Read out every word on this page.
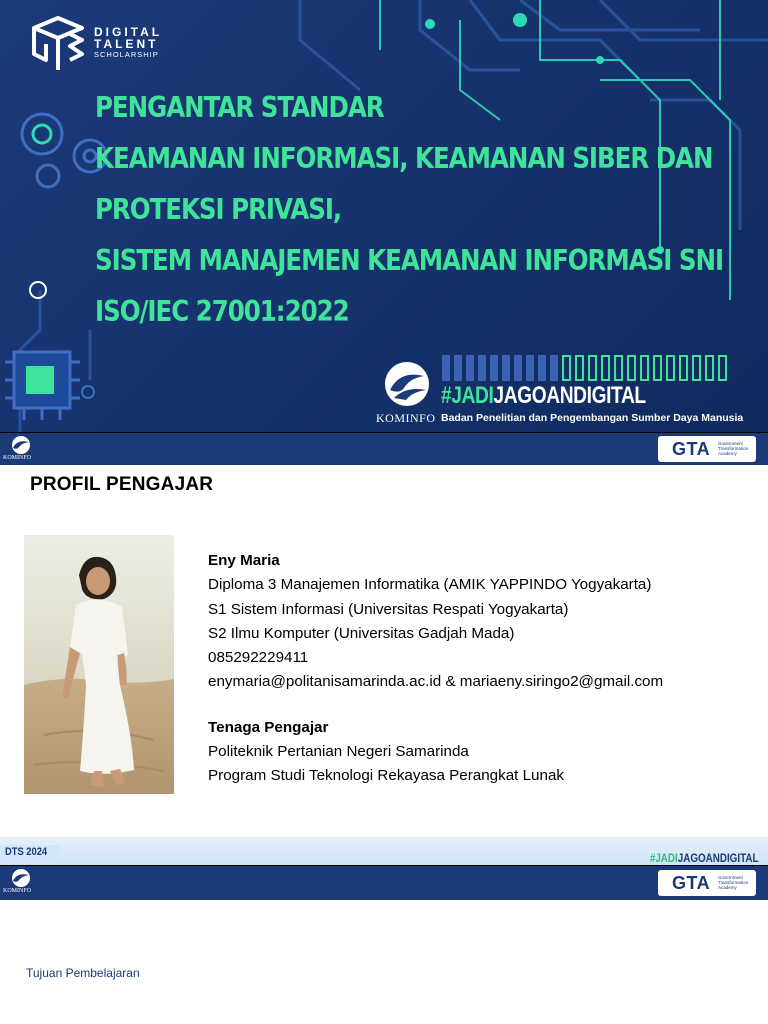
DIGITAL
TALENT
SCHOLARSHIP
PENGANTAR STANDAR
KEAMANAN INFORMASI, KEAMANAN SIBER DAN
PROTEKSI PRIVASI,
SISTEM MANAJEMEN KEAMANAN INFORMASI SNI
ISO/IEC 27001:2022
KOMINFO
#JADIJAGOANDIGITAL
Badan Penelitian dan Pengembangan Sumber Daya Manusia
KOMINFO	GTA Government Transformation Academy
PROFIL PENGAJAR
Eny Maria
Diploma 3 Manajemen Informatika (AMIK YAPPINDO Yogyakarta)
S1 Sistem Informasi (Universitas Respati Yogyakarta)
S2 Ilmu Komputer (Universitas Gadjah Mada)
085292229411
enymaria@politanisamarinda.ac.id & mariaeny.siringo2@gmail.com
Tenaga Pengajar
Politeknik Pertanian Negeri Samarinda
Program Studi Teknologi Rekayasa Perangkat Lunak
DTS 2024	#JADIJAGOANDIGITAL
KOMINFO	GTA Government Transformation Academy
Tujuan Pembelajaran
